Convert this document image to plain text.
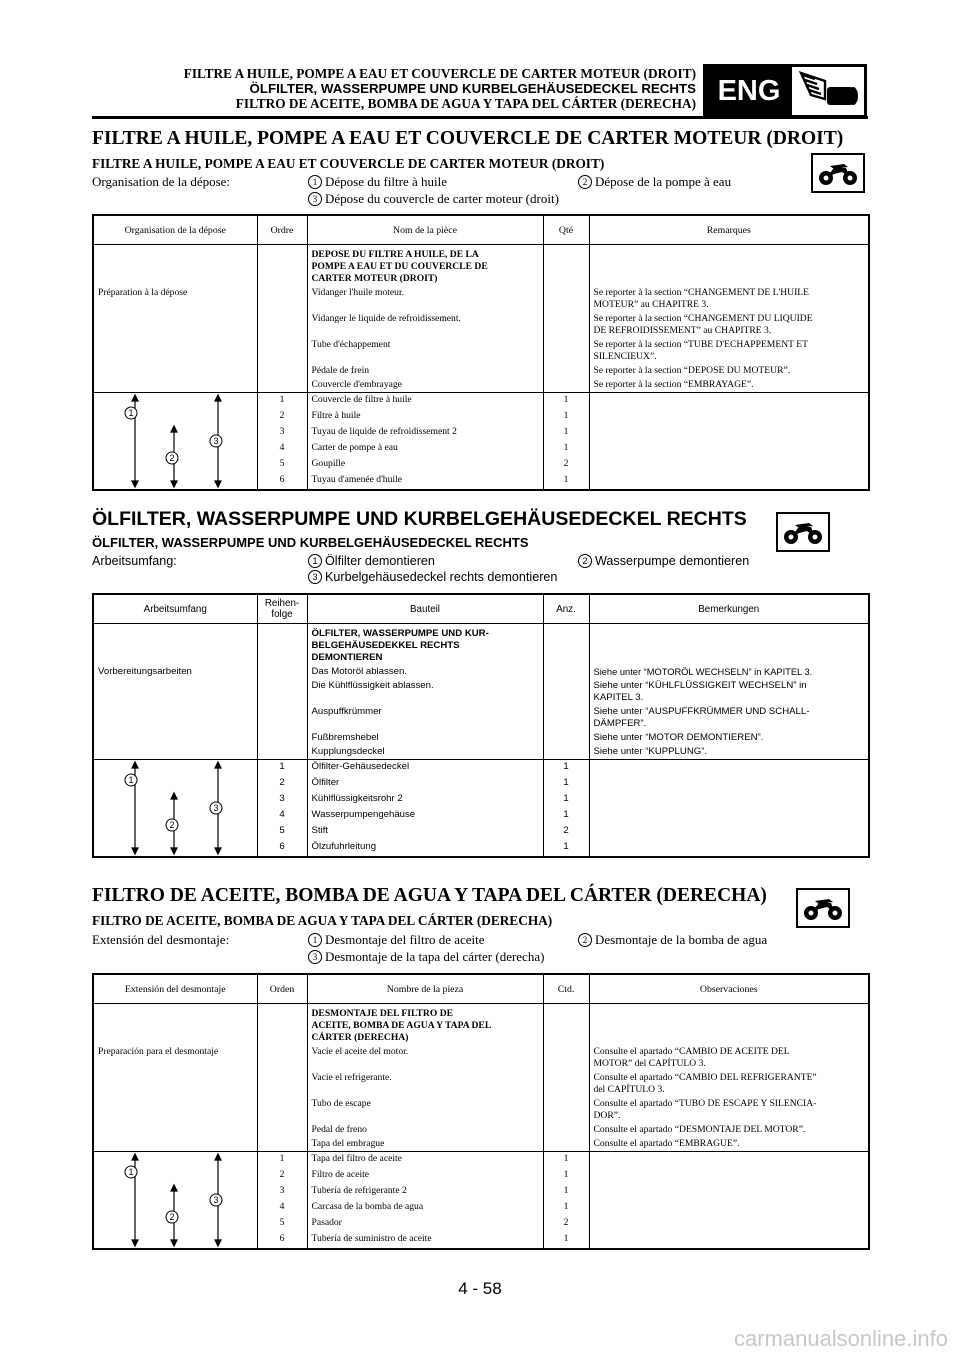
FILTRE A HUILE, POMPE A EAU ET COUVERCLE DE CARTER MOTEUR (DROIT)
ÖLFILTER, WASSERPUMPE UND KURBELGEHÄUSEDECKEL RECHTS
FILTRO DE ACEITE, BOMBA DE AGUA Y TAPA DEL CÁRTER (DERECHA) ENG
FILTRE A HUILE, POMPE A EAU ET COUVERCLE DE CARTER MOTEUR (DROIT)
FILTRE A HUILE, POMPE A EAU ET COUVERCLE DE CARTER MOTEUR (DROIT)
Organisation de la dépose:	1 Dépose du filtre à huile	2 Dépose de la pompe à eau
3 Dépose du couvercle de carter moteur (droit)
Organisation de la dépose	Ordre	Nom de la pièce	Qté	Remarques

		DEPOSE DU FILTRE A HUILE, DE LA
POMPE A EAU ET DU COUVERCLE DE
CARTER MOTEUR (DROIT)		

Préparation à la dépose		Vidanger l'huile moteur.		Se reporter à la section “CHANGEMENT DE L'HUILE
MOTEUR” au CHAPITRE 3.

		Vidanger le liquide de refroidissement.		Se reporter à la section “CHANGEMENT DU LIQUIDE
DE REFROIDISSEMENT” au CHAPITRE 3.

		Tube d'échappement		Se reporter à la section “TUBE D'ECHAPPEMENT ET
SILENCIEUX”.

		Pédale de frein		Se reporter à la section “DEPOSE DU MOTEUR”.
		Couvercle d'embrayage		Se reporter à la section “EMBRAYAGE”.

1
2
3	1	Couvercle de filtre à huile	1	
	2	Filtre à huile	1	
	3	Tuyau de liquide de refroidissement 2	1	
	4	Carter de pompe à eau	1	
	5	Goupille	2	
	6	Tuyau d'amenée d'huile	1	
ÖLFILTER, WASSERPUMPE UND KURBELGEHÄUSEDECKEL RECHTS
ÖLFILTER, WASSERPUMPE UND KURBELGEHÄUSEDECKEL RECHTS
Arbeitsumfang:	1 Ölfilter demontieren	2 Wasserpumpe demontieren
3 Kurbelgehäusedeckel rechts demontieren
Arbeitsumfang	Reihen-
folge	Bauteil	Anz.	Bemerkungen

		ÖLFILTER, WASSERPUMPE UND KUR-
BELGEHÄUSEDEKKEL RECHTS
DEMONTIEREN		

Vorbereitungsarbeiten		Das Motoröl ablassen.		Siehe unter “MOTORÖL WECHSELN” in KAPITEL 3.
		Die Kühlflüssigkeit ablassen.		Siehe unter “KÜHLFLÜSSIGKEIT WECHSELN” in
KAPITEL 3.

		Auspuffkrümmer		Siehe unter “AUSPUFFKRÜMMER UND SCHALL-
DÄMPFER”.

		Fußbremshebel		Siehe unter “MOTOR DEMONTIEREN”.
		Kupplungsdeckel		Siehe unter “KUPPLUNG”.

1
2
3	1	Ölfilter-Gehäusedeckel	1	
	2	Ölfilter	1	
	3	Kühlflüssigkeitsrohr 2	1	
	4	Wasserpumpengehäuse	1	
	5	Stift	2	
	6	Ölzufuhrleitung	1	
FILTRO DE ACEITE, BOMBA DE AGUA Y TAPA DEL CÁRTER (DERECHA)
FILTRO DE ACEITE, BOMBA DE AGUA Y TAPA DEL CÁRTER (DERECHA)
Extensión del desmontaje:	1 Desmontaje del filtro de aceite	2 Desmontaje de la bomba de agua
3 Desmontaje de la tapa del cárter (derecha)
Extensión del desmontaje	Orden	Nombre de la pieza	Ctd.	Observaciones

		DESMONTAJE DEL FILTRO DE
ACEITE, BOMBA DE AGUA Y TAPA DEL
CÁRTER (DERECHA)		

Preparación para el desmontaje		Vacíe el aceite del motor.		Consulte el apartado “CAMBIO DE ACEITE DEL
MOTOR” del CAPÍTULO 3.

		Vacíe el refrigerante.		Consulte el apartado “CAMBIO DEL REFRIGERANTE”
del CAPÍTULO 3.

		Tubo de escape		Consulte el apartado “TUBO DE ESCAPE Y SILENCIA-
DOR”.

		Pedal de freno		Consulte el apartado “DESMONTAJE DEL MOTOR”.
		Tapa del embrague		Consulte el apartado “EMBRAGUE”.

1
2
3	1	Tapa del filtro de aceite	1	
	2	Filtro de aceite	1	
	3	Tubería de refrigerante 2	1	
	4	Carcasa de la bomba de agua	1	
	5	Pasador	2	
	6	Tubería de suministro de aceite	1	
4 - 58
carmanualsonline.info
